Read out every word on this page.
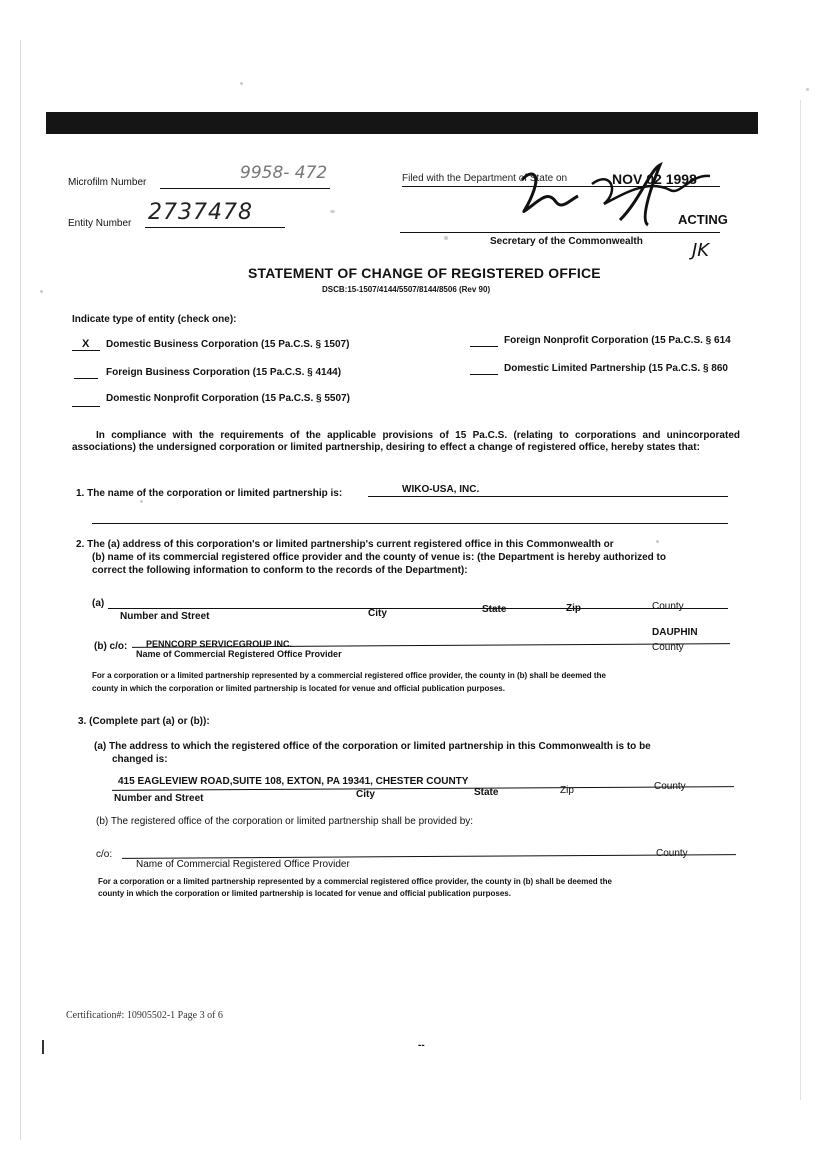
Microfilm Number	9958- 472
Entity Number 2737478
Filed with the Department of State on	NOV 02 1998
ACTING
Secretary of the Commonwealth	JK
STATEMENT OF CHANGE OF REGISTERED OFFICE
DSCB:15-1507/4144/5507/8144/8506 (Rev 90)
Indicate type of entity (check one):
X Domestic Business Corporation (15 Pa.C.S. § 1507)
Foreign Business Corporation (15 Pa.C.S. § 4144)
Domestic Nonprofit Corporation (15 Pa.C.S. § 5507)
Foreign Nonprofit Corporation (15 Pa.C.S. § 614
Domestic Limited Partnership (15 Pa.C.S. § 860
In compliance with the requirements of the applicable provisions of 15 Pa.C.S. (relating to corporations and unincorporated associations) the undersigned corporation or limited partnership, desiring to effect a change of registered office, hereby states that:
1. The name of the corporation or limited partnership is:	WIKO-USA, INC.
2. The (a) address of this corporation's or limited partnership's current registered office in this Commonwealth or
(b) name of its commercial registered office provider and the county of venue is: (the Department is hereby authorized to
correct the following information to conform to the records of the Department):
(a)
Number and Street	City	State	Zip	County
(b) c/o: PENNCORP SERVICEGROUP INC.
DAUPHIN
Name of Commercial Registered Office Provider
County
For a corporation or a limited partnership represented by a commercial registered office provider, the county in (b) shall be deemed the
county in which the corporation or limited partnership is located for venue and official publication purposes.
3. (Complete part (a) or (b)):
(a) The address to which the registered office of the corporation or limited partnership in this Commonwealth is to be
changed is:
415 EAGLEVIEW ROAD,SUITE 108, EXTON, PA 19341, CHESTER COUNTY
Number and Street	City	State	Zip	County
(b) The registered office of the corporation or limited partnership shall be provided by:
c/o:
Name of Commercial Registered Office Provider
County
For a corporation or a limited partnership represented by a commercial registered office provider, the county in (b) shall be deemed the
county in which the corporation or limited partnership is located for venue and official publication purposes.
Certification#: 10905502-1 Page 3 of 6
--
